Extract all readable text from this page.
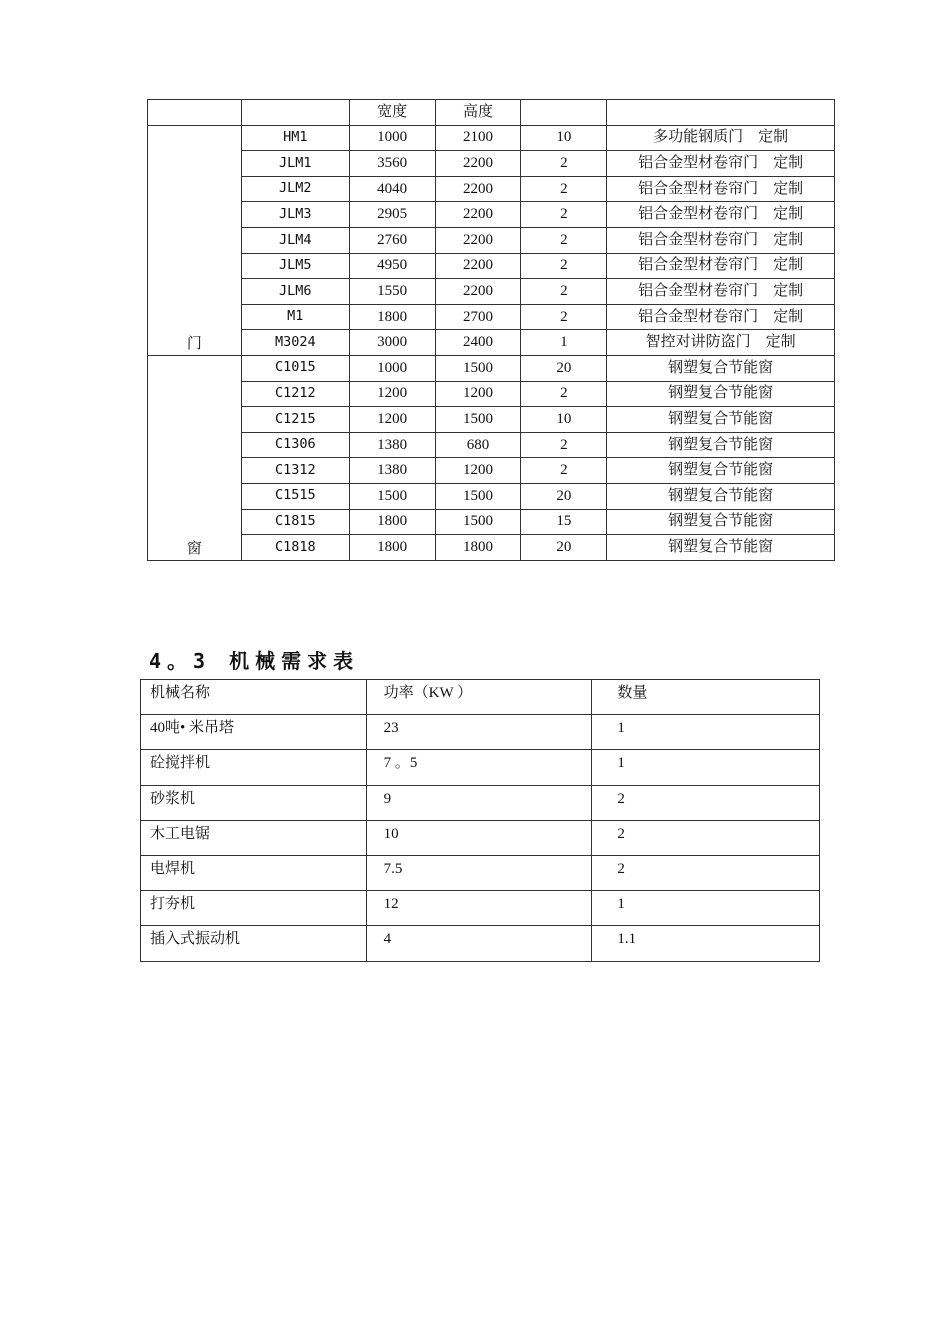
		宽度	高度		
门	HM1	1000	2100	10	多功能钢质门　定制
	JLM1	3560	2200	2	铝合金型材卷帘门　定制
	JLM2	4040	2200	2	铝合金型材卷帘门　定制
	JLM3	2905	2200	2	铝合金型材卷帘门　定制
	JLM4	2760	2200	2	铝合金型材卷帘门　定制
	JLM5	4950	2200	2	铝合金型材卷帘门　定制
	JLM6	1550	2200	2	铝合金型材卷帘门　定制
	M1	1800	2700	2	铝合金型材卷帘门　定制
	M3024	3000	2400	1	智控对讲防盗门　定制
窗	C1015	1000	1500	20	钢塑复合节能窗
	C1212	1200	1200	2	钢塑复合节能窗
	C1215	1200	1500	10	钢塑复合节能窗
	C1306	1380	680	2	钢塑复合节能窗
	C1312	1380	1200	2	钢塑复合节能窗
	C1515	1500	1500	20	钢塑复合节能窗
	C1815	1800	1500	15	钢塑复合节能窗
	C1818	1800	1800	20	钢塑复合节能窗
4。3 机械需求表
机械名称	功率（KW ）	数量
40吨• 米吊塔	23	1
砼搅拌机	7 。5	1
砂浆机	9	2
木工电锯	10	2
电焊机	7.5	2
打夯机	12	1
插入式振动机	4	1.1
